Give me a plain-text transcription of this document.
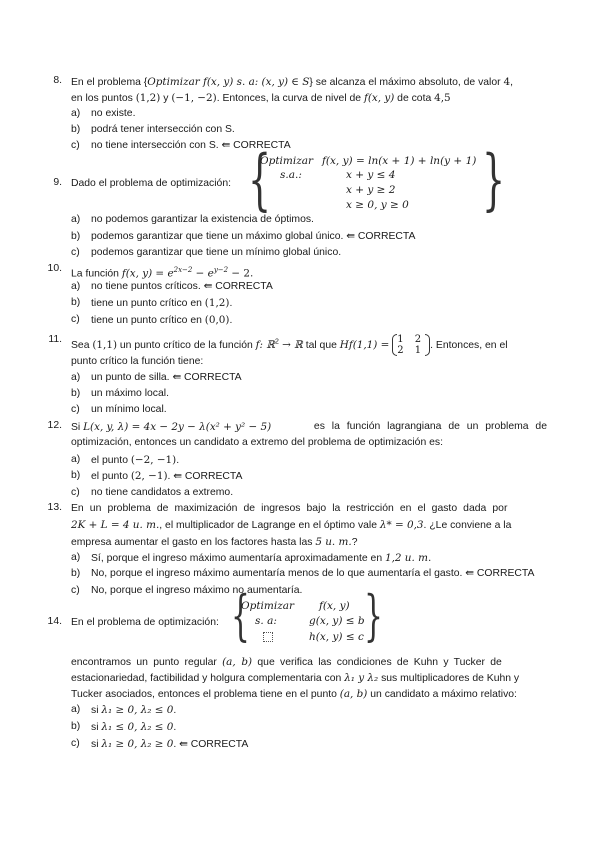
8. En el problema {Optimizar f(x, y) s. a: (x, y) ∈ S} se alcanza el máximo absoluto, de valor 4,
en los puntos (1,2) y (−1, −2). Entonces, la curva de nivel de f(x, y) de cota 4,5
a) no existe.
b) podrá tener intersección con S.
c) no tiene intersección con S. ⇚ CORRECTA
9. Dado el problema de optimización: {	}
Optimizar f(x, y) = ln(x + 1) + ln(y + 1)
s.a.:	x + y ≤ 4
x + y ≥ 2
x ≥ 0, y ≥ 0
a) no podemos garantizar la existencia de óptimos.
b) podemos garantizar que tiene un máximo global único. ⇚ CORRECTA
c) podemos garantizar que tiene un mínimo global único.
10. La función f(x, $y) = e^{2x-2} - e^{y-2} - 2$.
a) no tiene puntos críticos. ⇚ CORRECTA
b) tiene un punto crítico en (1,2).
c) tiene un punto crítico en (0,0).
11.
Sea (1,1) un punto crítico de la función f: ℝ$^2$ → ℝ tal que Hf(1,1) = 1 2
2 1 . Entonces, en el
punto crítico la función tiene:
a) un punto de silla. ⇚ CORRECTA
b) un máximo local.
c) un mínimo local.
12. Si L(x, y, λ) = 4x − 2y − λ(x² + y² − 5)	es la función lagrangiana de un problema de
optimización, entonces un candidato a extremo del problema de optimización es:
a) el punto (−2, −1).
b) el punto (2, −1). ⇚ CORRECTA
c) no tiene candidatos a extremo.
13. En un problema de maximización de ingresos bajo la restricción en el gasto dada por
2K + L = 4 u. m., el multiplicador de Lagrange en el óptimo vale λ* = 0,3. ¿Le conviene a la
empresa aumentar el gasto en los factores hasta las 5 u. m.?
a) Sí, porque el ingreso máximo aumentaría aproximadamente en 1,2 u. m.
b) No, porque el ingreso máximo aumentaría menos de lo que aumentaría el gasto. ⇚ CORRECTA
c) No, porque el ingreso máximo no aumentaría.
14. En el problema de optimización: { }
Optimizar f(x, y)
s. a:	g(x, y) ≤ b
h(x, y) ≤ c
encontramos un punto regular (a, b) que verifica las condiciones de Kuhn y Tucker de
estacionariedad, factibilidad y holgura complementaria con λ₁ y λ₂ sus multiplicadores de Kuhn y
Tucker asociados, entonces el problema tiene en el punto (a, b) un candidato a máximo relativo:
a) si λ₁ ≥ 0, λ₂ ≤ 0.
b) si λ₁ ≤ 0, λ₂ ≤ 0.
c) si λ₁ ≥ 0, λ₂ ≥ 0. ⇚ CORRECTA
